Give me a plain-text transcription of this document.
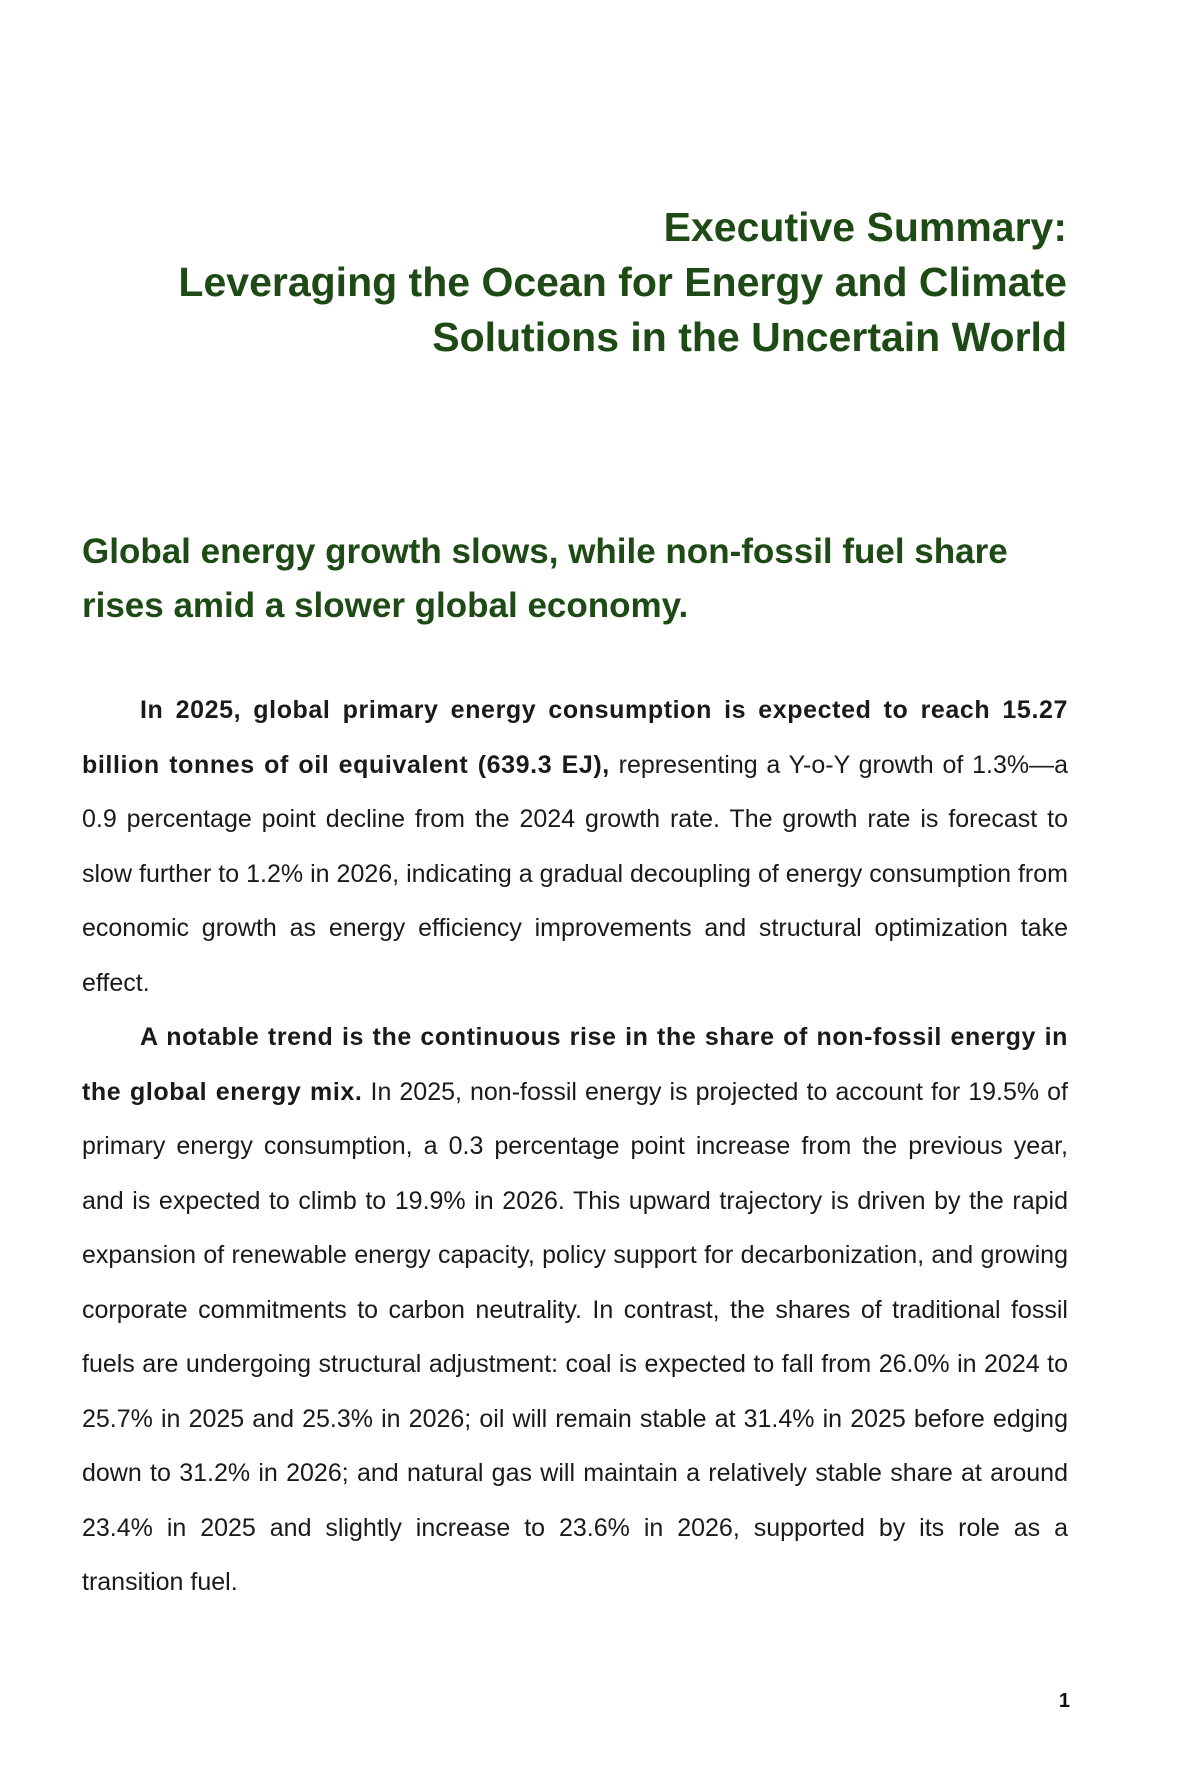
Executive Summary:
Leveraging the Ocean for Energy and Climate
Solutions in the Uncertain World
Global energy growth slows, while non-fossil fuel share rises amid a slower global economy.

In 2025, global primary energy consumption is expected to reach 15.27 billion tonnes of oil equivalent (639.3 EJ), representing a Y-o-Y growth of 1.3%—a 0.9 percentage point decline from the 2024 growth rate. The growth rate is forecast to slow further to 1.2% in 2026, indicating a gradual decoupling of energy consumption from economic growth as energy efficiency improvements and structural optimization take effect.

A notable trend is the continuous rise in the share of non-fossil energy in the global energy mix. In 2025, non-fossil energy is projected to account for 19.5% of primary energy consumption, a 0.3 percentage point increase from the previous year, and is expected to climb to 19.9% in 2026. This upward trajectory is driven by the rapid expansion of renewable energy capacity, policy support for decarbonization, and growing corporate commitments to carbon neutrality. In contrast, the shares of traditional fossil fuels are undergoing structural adjustment: coal is expected to fall from 26.0% in 2024 to 25.7% in 2025 and 25.3% in 2026; oil will remain stable at 31.4% in 2025 before edging down to 31.2% in 2026; and natural gas will maintain a relatively stable share at around 23.4% in 2025 and slightly increase to 23.6% in 2026, supported by its role as a transition fuel.

1
